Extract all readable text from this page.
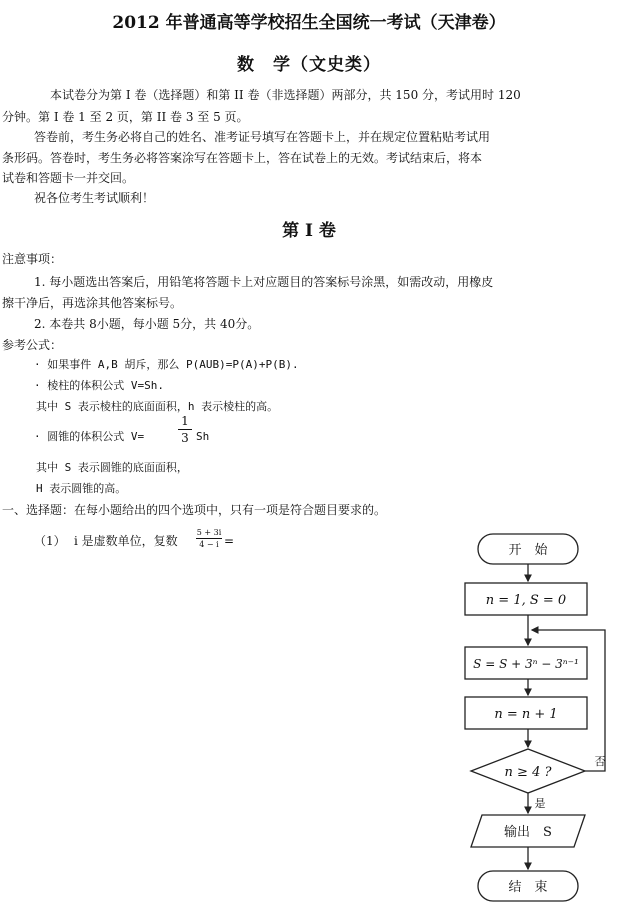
2012 年普通高等学校招生全国统一考试（天津卷）
数　学（文史类）
本试卷分为第 I 卷（选择题）和第 II 卷（非选择题）两部分，共 150 分，考试用时 120
分钟。第 I 卷 1 至 2 页，第 II 卷 3 至 5 页。
答卷前，考生务必将自己的姓名、准考证号填写在答题卡上，并在规定位置粘贴考试用
条形码。答卷时，考生务必将答案涂写在答题卡上，答在试卷上的无效。考试结束后，将本
试卷和答题卡一并交回。
祝各位考生考试顺利！
第 I 卷
注意事项：
1. 每小题选出答案后，用铅笔将答题卡上对应题目的答案标号涂黑，如需改动，用橡皮
擦干净后，再选涂其他答案标号。
2. 本卷共 8小题，每小题 5分，共 40分。
参考公式：
· 如果事件 A,B 胡斥，那么 P(AUB)=P(A)+P(B).
· 棱柱的体积公式 V=Sh.
其中 S 表示棱柱的底面面积，h 表示棱柱的高。
· 圆锥的体积公式 V=
1
3 Sh
其中 S 表示圆锥的底面面积，
H 表示圆锥的高。
一、选择题：在每小题给出的四个选项中，只有一项是符合题目要求的。
（1） i 是虚数单位，复数
5 + 3i
4 − i =
开　始
n = 1, S = 0
S = S + 3ⁿ − 3ⁿ⁻¹
n = n + 1
n ≥ 4 ?
否
是
输出　S
结　束
